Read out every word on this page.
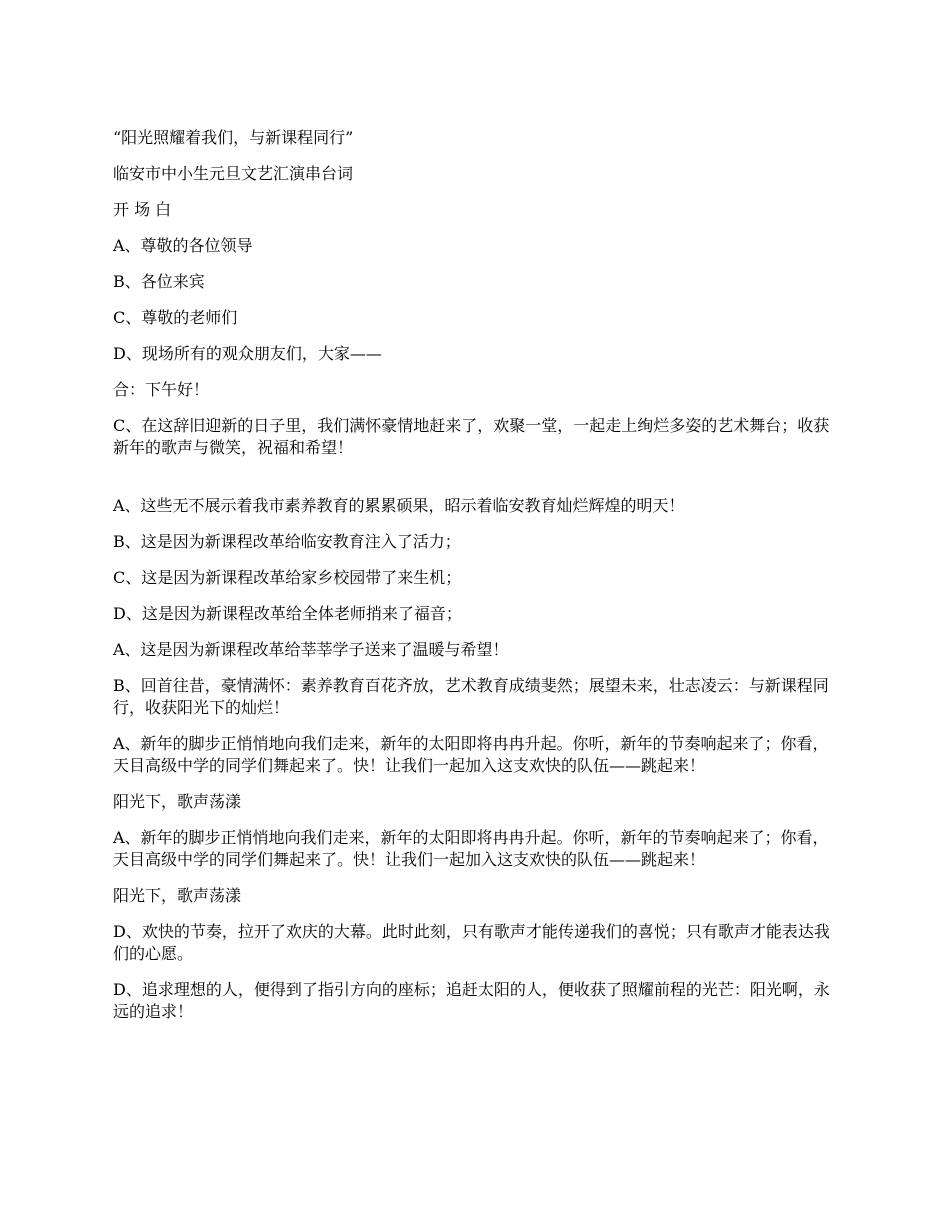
“阳光照耀着我们，与新课程同行”

临安市中小生元旦文艺汇演串台词

开 场 白

A、尊敬的各位领导

B、各位来宾

C、尊敬的老师们

D、现场所有的观众朋友们，大家——

合：下午好！

C、在这辞旧迎新的日子里，我们满怀豪情地赶来了，欢聚一堂，一起走上绚烂多姿的艺术舞台；收获新年的歌声与微笑，祝福和希望！

A、这些无不展示着我市素养教育的累累硕果，昭示着临安教育灿烂辉煌的明天！

B、这是因为新课程改革给临安教育注入了活力；

C、这是因为新课程改革给家乡校园带了来生机；

D、这是因为新课程改革给全体老师捎来了福音；

A、这是因为新课程改革给莘莘学子送来了温暖与希望！

B、回首往昔，豪情满怀：素养教育百花齐放，艺术教育成绩斐然；展望未来，壮志凌云：与新课程同行，收获阳光下的灿烂！

A、新年的脚步正悄悄地向我们走来，新年的太阳即将冉冉升起。你听，新年的节奏响起来了；你看，天目高级中学的同学们舞起来了。快！让我们一起加入这支欢快的队伍——跳起来！

阳光下，歌声荡漾

A、新年的脚步正悄悄地向我们走来，新年的太阳即将冉冉升起。你听，新年的节奏响起来了；你看，天目高级中学的同学们舞起来了。快！让我们一起加入这支欢快的队伍——跳起来！

阳光下，歌声荡漾

D、欢快的节奏，拉开了欢庆的大幕。此时此刻，只有歌声才能传递我们的喜悦；只有歌声才能表达我们的心愿。

D、追求理想的人，便得到了指引方向的座标；追赶太阳的人，便收获了照耀前程的光芒：阳光啊，永远的追求！
